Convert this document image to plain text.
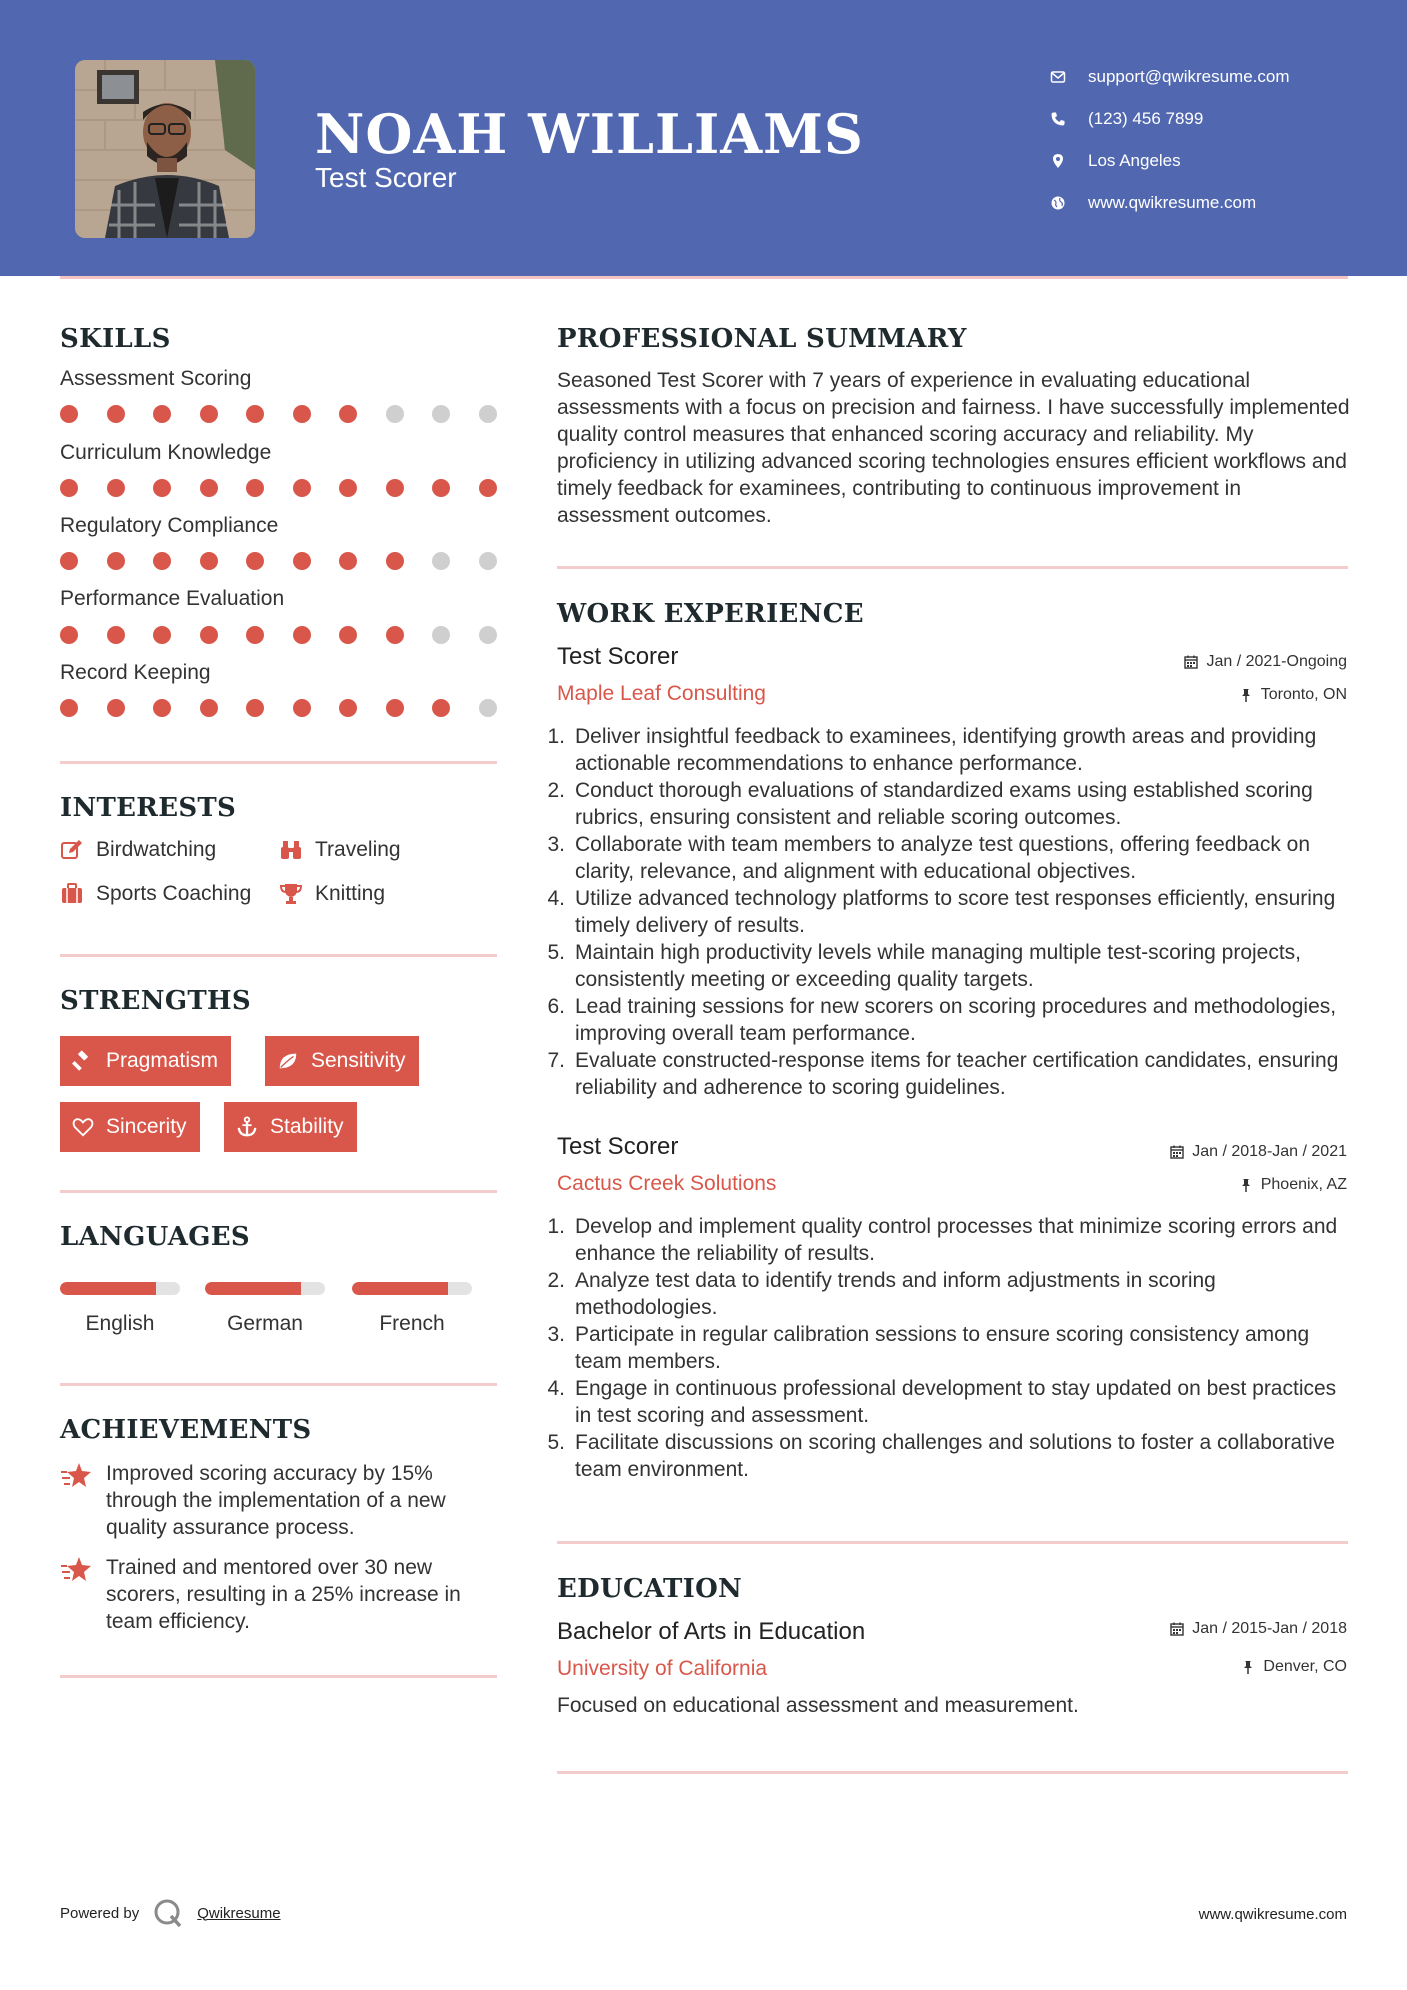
NOAH WILLIAMS
Test Scorer
support@qwikresume.com
(123) 456 7899
Los Angeles
www.qwikresume.com
SKILLS
Assessment Scoring
Curriculum Knowledge
Regulatory Compliance
Performance Evaluation
Record Keeping
INTERESTS
Birdwatching	Traveling
Sports Coaching	Knitting
STRENGTHS
Pragmatism	Sensitivity
Sincerity	Stability
LANGUAGES
English	German	French
ACHIEVEMENTS
Improved scoring accuracy by 15% through the implementation of a new quality assurance process.
Trained and mentored over 30 new scorers, resulting in a 25% increase in team efficiency.
PROFESSIONAL SUMMARY
Seasoned Test Scorer with 7 years of experience in evaluating educational assessments with a focus on precision and fairness. I have successfully implemented quality control measures that enhanced scoring accuracy and reliability. My proficiency in utilizing advanced scoring technologies ensures efficient workflows and timely feedback for examinees, contributing to continuous improvement in assessment outcomes.
WORK EXPERIENCE
Test Scorer	Jan / 2021-Ongoing
Maple Leaf Consulting	Toronto, ON
1. Deliver insightful feedback to examinees, identifying growth areas and providing actionable recommendations to enhance performance.
2. Conduct thorough evaluations of standardized exams using established scoring rubrics, ensuring consistent and reliable scoring outcomes.
3. Collaborate with team members to analyze test questions, offering feedback on clarity, relevance, and alignment with educational objectives.
4. Utilize advanced technology platforms to score test responses efficiently, ensuring timely delivery of results.
5. Maintain high productivity levels while managing multiple test-scoring projects, consistently meeting or exceeding quality targets.
6. Lead training sessions for new scorers on scoring procedures and methodologies, improving overall team performance.
7. Evaluate constructed-response items for teacher certification candidates, ensuring reliability and adherence to scoring guidelines.
Test Scorer	Jan / 2018-Jan / 2021
Cactus Creek Solutions	Phoenix, AZ
1. Develop and implement quality control processes that minimize scoring errors and enhance the reliability of results.
2. Analyze test data to identify trends and inform adjustments in scoring methodologies.
3. Participate in regular calibration sessions to ensure scoring consistency among team members.
4. Engage in continuous professional development to stay updated on best practices in test scoring and assessment.
5. Facilitate discussions on scoring challenges and solutions to foster a collaborative team environment.
EDUCATION
Bachelor of Arts in Education	Jan / 2015-Jan / 2018
University of California	Denver, CO
Focused on educational assessment and measurement.
Powered by	Qwikresume	www.qwikresume.com
